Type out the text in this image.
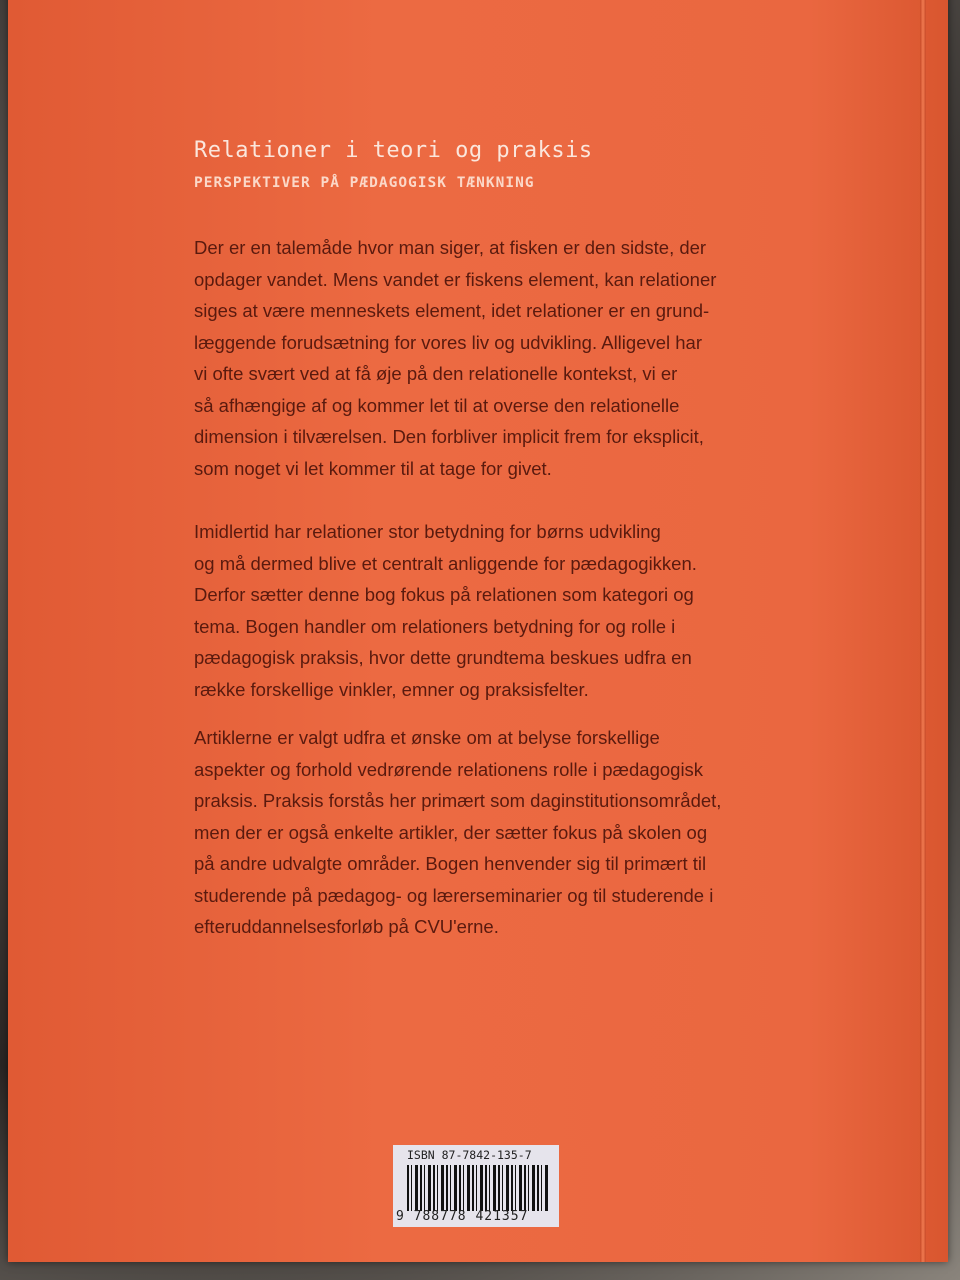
Relationer i teori og praksis
PERSPEKTIVER PÅ PÆDAGOGISK TÆNKNING
Der er en talemåde hvor man siger, at fisken er den sidste, der
opdager vandet. Mens vandet er fiskens element, kan relationer
siges at være menneskets element, idet relationer er en grund-
læggende forudsætning for vores liv og udvikling. Alligevel har
vi ofte svært ved at få øje på den relationelle kontekst, vi er
så afhængige af og kommer let til at overse den relationelle
dimension i tilværelsen. Den forbliver implicit frem for eksplicit,
som noget vi let kommer til at tage for givet.
Imidlertid har relationer stor betydning for børns udvikling
og må dermed blive et centralt anliggende for pædagogikken.
Derfor sætter denne bog fokus på relationen som kategori og
tema. Bogen handler om relationers betydning for og rolle i
pædagogisk praksis, hvor dette grundtema beskues udfra en
række forskellige vinkler, emner og praksisfelter.
Artiklerne er valgt udfra et ønske om at belyse forskellige
aspekter og forhold vedrørende relationens rolle i pædagogisk
praksis. Praksis forstås her primært som daginstitutionsområdet,
men der er også enkelte artikler, der sætter fokus på skolen og
på andre udvalgte områder. Bogen henvender sig til primært til
studerende på pædagog- og lærerseminarier og til studerende i
efteruddannelsesforløb på CVU'erne.
ISBN 87-7842-135-7
9 788778 421357
